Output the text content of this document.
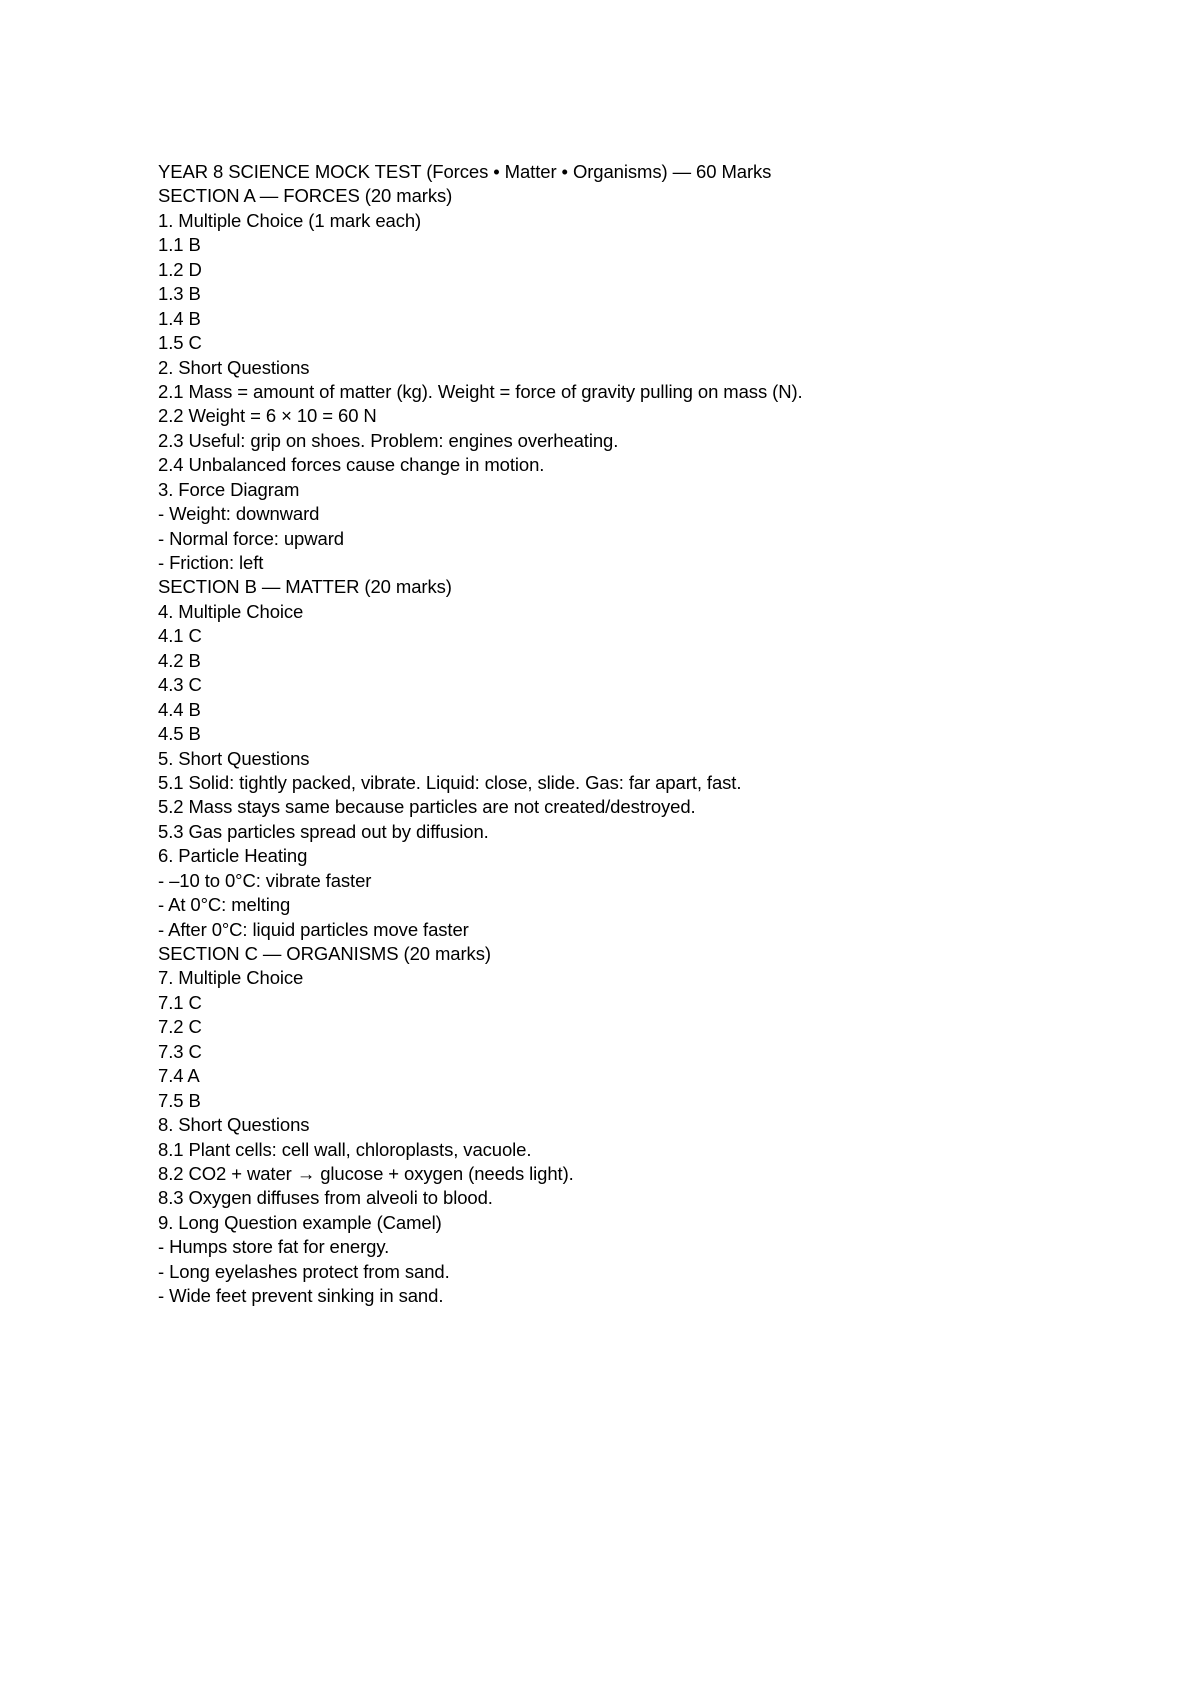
YEAR 8 SCIENCE MOCK TEST (Forces • Matter • Organisms) — 60 Marks
SECTION A — FORCES (20 marks)
1. Multiple Choice (1 mark each)
1.1 B
1.2 D
1.3 B
1.4 B
1.5 C
2. Short Questions
2.1 Mass = amount of matter (kg). Weight = force of gravity pulling on mass (N).
2.2 Weight = 6 × 10 = 60 N
2.3 Useful: grip on shoes. Problem: engines overheating.
2.4 Unbalanced forces cause change in motion.
3. Force Diagram
- Weight: downward
- Normal force: upward
- Friction: left
SECTION B — MATTER (20 marks)
4. Multiple Choice
4.1 C
4.2 B
4.3 C
4.4 B
4.5 B
5. Short Questions
5.1 Solid: tightly packed, vibrate. Liquid: close, slide. Gas: far apart, fast.
5.2 Mass stays same because particles are not created/destroyed.
5.3 Gas particles spread out by diffusion.
6. Particle Heating
- –10 to 0°C: vibrate faster
- At 0°C: melting
- After 0°C: liquid particles move faster
SECTION C — ORGANISMS (20 marks)
7. Multiple Choice
7.1 C
7.2 C
7.3 C
7.4 A
7.5 B
8. Short Questions
8.1 Plant cells: cell wall, chloroplasts, vacuole.
8.2 CO2 + water → glucose + oxygen (needs light).
8.3 Oxygen diffuses from alveoli to blood.
9. Long Question example (Camel)
- Humps store fat for energy.
- Long eyelashes protect from sand.
- Wide feet prevent sinking in sand.
